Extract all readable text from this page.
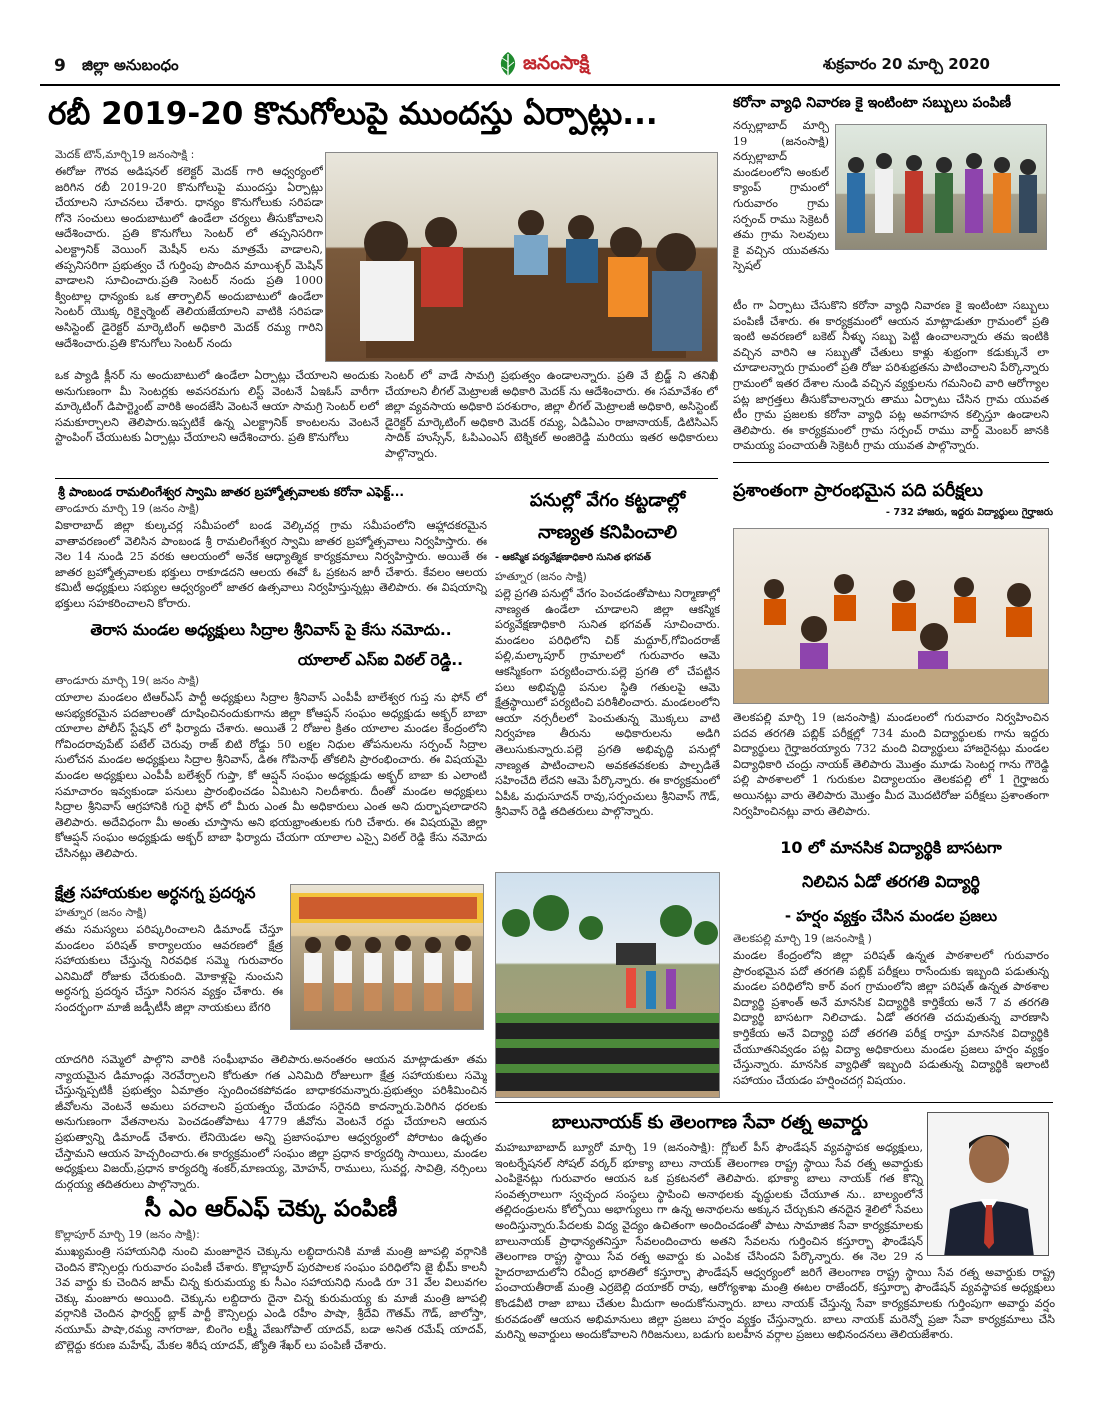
9 జిల్లా అనుబంధం	జనంసాక్షి	శుక్రవారం 20 మార్చి 2020
రబీ 2019-20 కొనుగోలుపై ముందస్తు ఏర్పాట్లు...
మెదక్ టౌన్,మార్చి19 జనంసాక్షి :
ఈరోజు గౌరవ అడిషనల్ కలెక్టర్ మెదక్ గారి ఆధ్వర్యంలో జరిగిన రబీ 2019-20 కొనుగోలుపై ముందస్తు ఏర్పాట్లు చేయాలని సూచనలు చేశారు. ధాన్యం కొనుగోలుకు సరిపడా గోనె సంచులు అందుబాటులో ఉండేలా చర్యలు తీసుకోవాలని ఆదేశించారు. ప్రతి కొనుగోలు సెంటర్ లో తప్పనిసరిగా ఎలక్ట్రానిక్ వెయింగ్ మెషీన్ లను మాత్రమే వాడాలని, తప్పనిసరిగా ప్రభుత్వం చే గుర్తింపు పొందిన మాయిశ్చర్ మెషిన్ వాడాలని సూచించారు.ప్రతి సెంటర్ నందు ప్రతి 1000 క్వింటాల్ల ధాన్యంకు ఒక తార్పాలిన్ అందుబాటులో ఉండేలా సెంటర్ యొక్క రిక్వైర్మెంట్ తెలియజేయాలని వాటికి సరిపడా అసిస్టెంట్ డైరెక్టర్ మార్కెటింగ్ అధికారి మెదక్ రమ్య గారిని ఆదేశించారు.ప్రతి కొనుగోలు సెంటర్ నందు
ఒక ప్యాడి క్లీనర్ ను అందుబాటులో ఉండేలా ఏర్పాట్లు చేయాలని అందుకు అనుగుణంగా మీ సెంటర్లకు అవసరమగు లిస్ట్ వెంటనే ఏఇఓస్ వారీగా మార్కెటింగ్ డిపార్ట్మెంట్ వారికి అందజేసి వెంటనే ఆయా సామగ్రి సెంటర్ లలో సమకూర్చాలని తెలిపారు.ఇప్పటికే ఉన్న ఎలక్ట్రానిక్ కాంటలను వెంటనే స్టాంపింగ్ చేయుటకు ఏర్పాట్లు చేయాలని ఆదేశించారు. ప్రతి కొనుగోలు
సెంటర్ లో వాడే సామగ్రి ప్రభుత్వం ఉండాలన్నారు. ప్రతి వే బ్రిడ్జ్ ని తనిఖీ చేయాలని లీగల్ మెట్రాలజీ అధికారి మెదక్ ను ఆదేశించారు. ఈ సమావేశం లో జిల్లా వ్యవసాయ అధికారి పరశురాం, జిల్లా లీగల్ మెట్రాలజీ అధికారి, అసిస్టెంట్ డైరెక్టర్ మార్కెటింగ్ అధికారి మెదక్ రమ్య, ఏడిఏఎం రాజానాయక్, డిటిసిఎస్ సాదిక్ హుస్సేన్, ఓపిఎంఎస్ టెక్నికల్ అంజిరెడ్డి మరియు ఇతర అధికారులు పాల్గొన్నారు.
కరోనా వ్యాధి నివారణ కై ఇంటింటా సబ్బులు పంపిణీ
నర్సుల్లాబాద్ మార్చి 19 (జనంసాక్షి) నర్సుల్లాబాద్ మండలంలోని అంకుల్ క్యాంప్ గ్రామంలో గురువారం గ్రామ సర్పంచ్ రాము సెక్రెటరీ తమ గ్రామ సెలవులు కై వచ్చిన యువతను స్పెషల్
టీం గా ఏర్పాటు చేసుకొని కరోనా వ్యాధి నివారణ కై ఇంటింటా సబ్బులు పంపిణీ చేశారు. ఈ కార్యక్రమంలో ఆయన మాట్లాడుతూ గ్రామంలో ప్రతి ఇంటి అవరణలో బకెట్ నీళ్ళు సబ్బు పెట్టి ఉంచాలన్నారు తమ ఇంటికి వచ్చిన వారిని ఆ సబ్బుతో చేతులు కాళ్లు శుభ్రంగా కడుక్కునే లా చూడాలన్నారు గ్రామంలో ప్రతి రోజు పరిశుభ్రతను పాటించాలని పేర్కొన్నారు గ్రామంలో ఇతర దేశాల నుండి వచ్చిన వ్యక్తులను గమనించి వారి ఆరోగ్యాల పట్ల జాగ్రత్తలు తీసుకోవాలన్నారు తాము ఏర్పాటు చేసిన గ్రామ యువత టీం గ్రామ ప్రజలకు కరోనా వ్యాధి పట్ల అవగాహన కల్పిస్తూ ఉండాలని తెలిపారు. ఈ కార్యక్రమంలో గ్రామ సర్పంచ్ రాము వార్డ్ మెంబర్ జానకి రామయ్య పంచాయతీ సెక్రెటరీ గ్రామ యువత పాల్గొన్నారు.
శ్రీ పాంబండ రామలింగేశ్వర స్వామి జాతర బ్రహ్మోత్సవాలకు కరోనా ఎఫెక్ట్...
తాండూరు మార్చి 19 (జనం సాక్షి)
వికారాబాద్ జిల్లా కుల్కచర్ల సమీపంలో బండ వెల్కిచర్ల గ్రామ సమీపంలోని ఆహ్లాదకరమైన వాతావరణంలో వెలిసిన పాంబండ శ్రీ రామలింగేశ్వర స్వామి జాతర బ్రహ్మోత్సవాలు నిర్వహిస్తారు. ఈ నెల 14 నుండి 25 వరకు ఆలయంలో అనేక ఆధ్యాత్మిక కార్యక్రమాలు నిర్వహిస్తారు. అయితే ఈ జాతర బ్రహ్మోత్సవాలకు భక్తులు రాకూడదని ఆలయ ఈవో ఓ ప్రకటన జారీ చేశారు. కేవలం ఆలయ కమిటీ అధ్యక్షులు సభ్యుల ఆధ్వర్యంలో జాతర ఉత్సవాలు నిర్వహిస్తున్నట్లు తెలిపారు. ఈ విషయాన్ని భక్తులు సహకరించాలని కోరారు.
తెరాస మండల అధ్యక్షులు సిద్రాల శ్రీనివాస్ పై కేసు నమోదు..
యాలాల్ ఎస్ఐ విఠల్ రెడ్డి..
తాండూరు మార్చి 19( జనం సాక్షి)
యాలాల మండలం టిఆర్ఎస్ పార్టీ అధ్యక్షులు సిద్రాల శ్రీనివాస్ ఎంపీపీ బాలేశ్వర గుప్త ను ఫోన్ లో అసభ్యకరమైన పదజాలంతో దూషించినందుకుగాను జిల్లా కోఆప్షన్ సంఘం అధ్యక్షుడు అక్బర్ బాబా యాలాల పోలీస్ స్టేషన్ లో ఫిర్యాదు చేశారు. అయితే 2 రోజుల క్రితం యాలాల మండల కేంద్రంలోని గోవిందరావుపేట్ పటేల్ చెరువు రాజ్ బిటి రోడ్డు 50 లక్షల నిధుల తోపనులను సర్పంచ్ సిద్రాల సులోచన మండల అధ్యక్షులు సిద్రాల శ్రీనివాస్, డిఈ గోపినాథ్ తోకలిసి ప్రారంభించారు. ఈ విషయమై మండల అధ్యక్షులు ఎంపీపీ బలేశ్వర్ గుప్తా, కో ఆప్షన్ సంఘం అధ్యక్షుడు అక్బర్ బాబా కు ఎలాంటి సమాచారం ఇవ్వకుండా పనులు ప్రారంభించడం ఏమిటని నిలదీశారు. దీంతో మండల అధ్యక్షులు సిద్రాల శ్రీనివాస్ ఆగ్రహానికి గురై ఫోన్ లో మీరు ఎంత మీ అధికారులు ఎంత అని దుర్భాషలాడారని తెలిపారు. అదేవిధంగా మీ అంతు చూస్తాను అని భయభ్రాంతులకు గురి చేశారు. ఈ విషయమై జిల్లా కోఆప్షన్ సంఘం అధ్యక్షుడు అక్బర్ బాబా ఫిర్యాదు చేయగా యాలాల ఎస్సై విఠల్ రెడ్డి కేసు నమోదు చేసినట్లు తెలిపారు.
క్షేత్ర సహాయకుల అర్ధనగ్న ప్రదర్శన
హత్నూర (జనం సాక్షి)
తమ సమస్యలు పరిష్కరించాలని డిమాండ్ చేస్తూ మండలం పరిషత్ కార్యాలయం ఆవరణలో క్షేత్ర సహాయకులు చేస్తున్న నిరవధిక సమ్మె గురువారం ఎనిమిదో రోజుకు చేరుకుంది. మోకాళ్లపై నుంచుని అర్ధనగ్న ప్రదర్శన చేస్తూ నిరసన వ్యక్తం చేశారు. ఈ సందర్భంగా మాజీ జడ్పీటీసీ జిల్లా నాయకులు బేగరి
యాదగిరి సమ్మెలో పాల్గొని వారికి సంఘీభావం తెలిపారు.అనంతరం ఆయన మాట్లాడుతూ తమ న్యాయమైన డిమాండ్లు నెరవేర్చాలని కోరుతూ గత ఎనిమిది రోజులుగా క్షేత్ర సహాయకులు సమ్మె చేస్తున్నప్పటికీ ప్రభుత్వం ఏమాత్రం స్పందించకపోవడం బాధాకరమన్నారు.ప్రభుత్వం పరిశీమించిన జీవోలను వెంటనే అమలు పరచాలని ప్రయత్నం చేయడం సరైనది కాదన్నారు.పెరిగిన ధరలకు అనుగుణంగా వేతనాలను పెంచడంతోపాటు 4779 జీవోను వెంటనే రద్దు చేయాలని ఆయన ప్రభుత్వాన్ని డిమాండ్ చేశారు. లేనియెడల అన్ని ప్రజాసంఘాల ఆధ్వర్యంలో పోరాటం ఉధృతం చేస్తామని ఆయన హెచ్చరించారు.ఈ కార్యక్రమంలో సంఘం జిల్లా ప్రధాన కార్యదర్శి సాయిలు, మండల అధ్యక్షులు విజయ్,ప్రధాన కార్యదర్శి శంకర్,మాణయ్య, మోహన్, రాములు, సువర్ణ, సావిత్రి, నర్సింలు దుర్గయ్య తదితరులు పాల్గొన్నారు.
సీ ఎం ఆర్ఎఫ్ చెక్కు పంపిణీ
కొల్లాపూర్ మార్చి 19 (జనం సాక్షి):
ముఖ్యమంత్రి సహాయనిధి నుంచి మంజూరైన చెక్కును లబ్ధిదారునికి మాజీ మంత్రి జూపల్లి వర్గానికి చెందిన కౌన్సిలర్లు గురువారం పంపిణీ చేశారు. కొల్లాపూర్ పురపాలక సంఘం పరిధిలోని జై భీమ్ కాలనీ 3వ వార్డు కు చెందిన జామ్ చిన్న కురుమయ్య కు సీఎం సహాయనిధి నుండి రూ 31 వేల విలువగల చెక్కు మంజూరు అయింది. చెక్కును లబ్దిదారు దైనా చిన్న కురుమయ్య కు మాజీ మంత్రి జూపల్లి వర్గానికి చెందిన ఫార్వర్డ్ బ్లాక్ పార్టీ కౌన్సిలర్లు ఎండి రహీం పాషా, శ్రీదేవి గౌతమ్ గౌడ్, జాలోస్తా, నయూమ్ పాషా,రమ్య నాగరాజు, బింగెం లక్ష్మీ వేణుగోపాల్ యాదవ్, బడా అనిత రమేష్ యాదవ్, బొల్లెద్దు కరుణ మహేష్, మేకల శిరీష యాదవ్, జ్యోతి శేఖర్ లు పంపిణీ చేశారు.
పనుల్లో వేగం కట్టడాల్లో
నాణ్యత కనిపించాలి
- ఆకస్మిక పర్యవేక్షణాధికారి సునిత భగవత్
హత్నూర (జనం సాక్షి)
పల్లె ప్రగతి పనుల్లో వేగం పెంచడంతోపాటు నిర్మాణాల్లో నాణ్యత ఉండేలా చూడాలని జిల్లా ఆకస్మిక పర్యవేక్షణాధికారి సునిత భగవత్ సూచించారు. మండలం పరిధిలోని చిక్ మద్దూర్,గోవిందరాజ్ పల్లి,మల్కాపూర్ గ్రామాలలో గురువారం ఆమె ఆకస్మికంగా పర్యటించారు.పల్లె ప్రగతి లో చేపట్టిన పలు అభివృద్ధి పనుల స్థితి గతులపై ఆమె క్షేత్రస్థాయిలో పర్యటించి పరిశీలించారు. మండలంలోని ఆయా నర్సరీలలో పెంచుతున్న మొక్కలు వాటి నిర్వహణ తీరును అధికారులను అడిగి తెలుసుకున్నారు.పల్లె ప్రగతి అభివృద్ధి పనుల్లో నాణ్యత పాటించాలని అవకతవకలకు పాల్పడితే సహించేది లేదని ఆమె పేర్కొన్నారు. ఈ కార్యక్రమంలో ఏపీఓ మధుసూదన్ రావు,సర్పంచులు శ్రీనివాస్ గౌడ్, శ్రీనివాస్ రెడ్డి తదితరులు పాల్గొన్నారు.
ప్రశాంతంగా ప్రారంభమైన పది పరీక్షలు
- 732 హాజరు, ఇద్దరు విద్యార్థులు గైర్హాజరు
తెలకపల్లి మార్చి 19 (జనంసాక్షి) మండలంలో గురువారం నిర్వహించిన పదవ తరగతి పబ్లిక్ పరీక్షల్లో 734 మంది విద్యార్థులకు గాను ఇద్దరు విద్యార్థులు గైర్హాజరయ్యారు 732 మంది విద్యార్థులు హాజరైనట్లు మండల విద్యాధికారి చంద్రు నాయక్ తెలిపారు మొత్తం మూడు సెంటర్ల గాను గౌరెడ్డి పల్లి పాఠశాలలో 1 గురుకుల విద్యాలయం తెలకపల్లి లో 1 గైర్హాజరు అయినట్లు వారు తెలిపారు మొత్తం మీద మొదటిరోజు పరీక్షలు ప్రశాంతంగా నిర్వహించినట్లు వారు తెలిపారు.
10 లో మానసిక విద్యార్థికి బాసటగా
నిలిచిన ఏడో తరగతి విద్యార్థి
- హర్షం వ్యక్తం చేసిన మండల ప్రజలు
తెలకపల్లి మార్చి 19 (జనంసాక్షి )
మండల కేంద్రంలోని జిల్లా పరిషత్ ఉన్నత పాఠశాలలో గురువారం ప్రారంభమైన పదో తరగతి పబ్లిక్ పరీక్షలు రాసేందుకు ఇబ్బంది పడుతున్న మండల పరిధిలోని కార్ వంగ గ్రామంలోని జిల్లా పరిషత్ ఉన్నత పాఠశాల విద్యార్థి ప్రశాంత్ అనే మానసిక విద్యార్థికి కార్తికేయ అనే 7 వ తరగతి విద్యార్థి బాసటగా నిలిచాడు. ఏడో తరగతి చదువుతున్న వారణాసి కార్తికేయ అనే విద్యార్థి పదో తరగతి పరీక్ష రాస్తూ మానసిక విద్యార్థికి చేయూతనివ్వడం పట్ల విద్యా అధికారులు మండల ప్రజలు హర్షం వ్యక్తం చేస్తున్నారు. మానసిక వ్యాధితో ఇబ్బంది పడుతున్న విద్యార్థికి ఇలాంటి సహాయం చేయడం హర్షించదగ్గ విషయం.
బాలునాయక్ కు తెలంగాణ సేవా రత్న అవార్డు
మహబూబాబాద్ బ్యూరో మార్చి 19 (జనంసాక్షి): గ్లోబల్ పీస్ ఫౌండేషన్ వ్యవస్థాపక అధ్యక్షులు, ఇంటర్నేషనల్ సోషల్ వర్కర్ భూక్యా బాలు నాయక్ తెలంగాణ రాష్ట్ర స్థాయి సేవ రత్న అవార్డుకు ఎంపికైనట్లు గురువారం ఆయన ఒక ప్రకటనలో తెలిపారు. భూక్యా బాలు నాయక్ గత కొన్ని సంవత్సరాలుగా స్వచ్ఛంద సంస్థలు స్థాపించి అనాథలకు వృద్ధులకు చేయూత ను.. బాల్యంలోనే తల్లిదండ్రులను కోల్పోయి అభాగ్యులు గా ఉన్న అనాథలను అక్కున చేర్చుకుని తనదైన శైలిలో సేవలు అందిస్తున్నారు.పేదలకు విద్య వైద్యం ఉచితంగా అందించడంతో పాటు సామాజిక సేవా కార్యక్రమాలకు బాలునాయక్ ప్రాధాన్యతనిస్తూ సేవలందించారు అతని సేవలను గుర్తించిన కస్తూర్బా ఫౌండేషన్ తెలంగాణ రాష్ట్ర స్థాయి సేవ రత్న అవార్డు కు ఎంపిక చేసిందని పేర్కొన్నారు. ఈ నెల 29 న హైదరాబాదులోని రవీంద్ర భారతిలో కస్తూర్బా ఫౌండేషన్ ఆధ్వర్యంలో జరిగే తెలంగాణ రాష్ట్ర స్థాయి సేవ రత్న అవార్డుకు రాష్ట్ర పంచాయతీరాజ్ మంత్రి ఎర్రబెల్లి దయాకర్ రావు, ఆరోగ్యశాఖ మంత్రి ఈటల రాజేందర్, కస్తూర్బా ఫౌండేషన్ వ్యవస్థాపక అధ్యక్షులు కొండవీటి రాజా బాబు చేతుల మీదుగా అందుకోనున్నారు. బాలు నాయక్ చేస్తున్న సేవా కార్యక్రమాలకు గుర్తింపుగా అవార్డు వర్షం కురవడంతో ఆయన అభిమానులు జిల్లా ప్రజలు హర్షం వ్యక్తం చేస్తున్నారు. బాలు నాయక్ మరెన్నో ప్రజా సేవా కార్యక్రమాలు చేసి మరిన్ని అవార్డులు అందుకోవాలని గిరిజనులు, బడుగు బలహీన వర్గాల ప్రజలు అభినందనలు తెలియజేశారు.
